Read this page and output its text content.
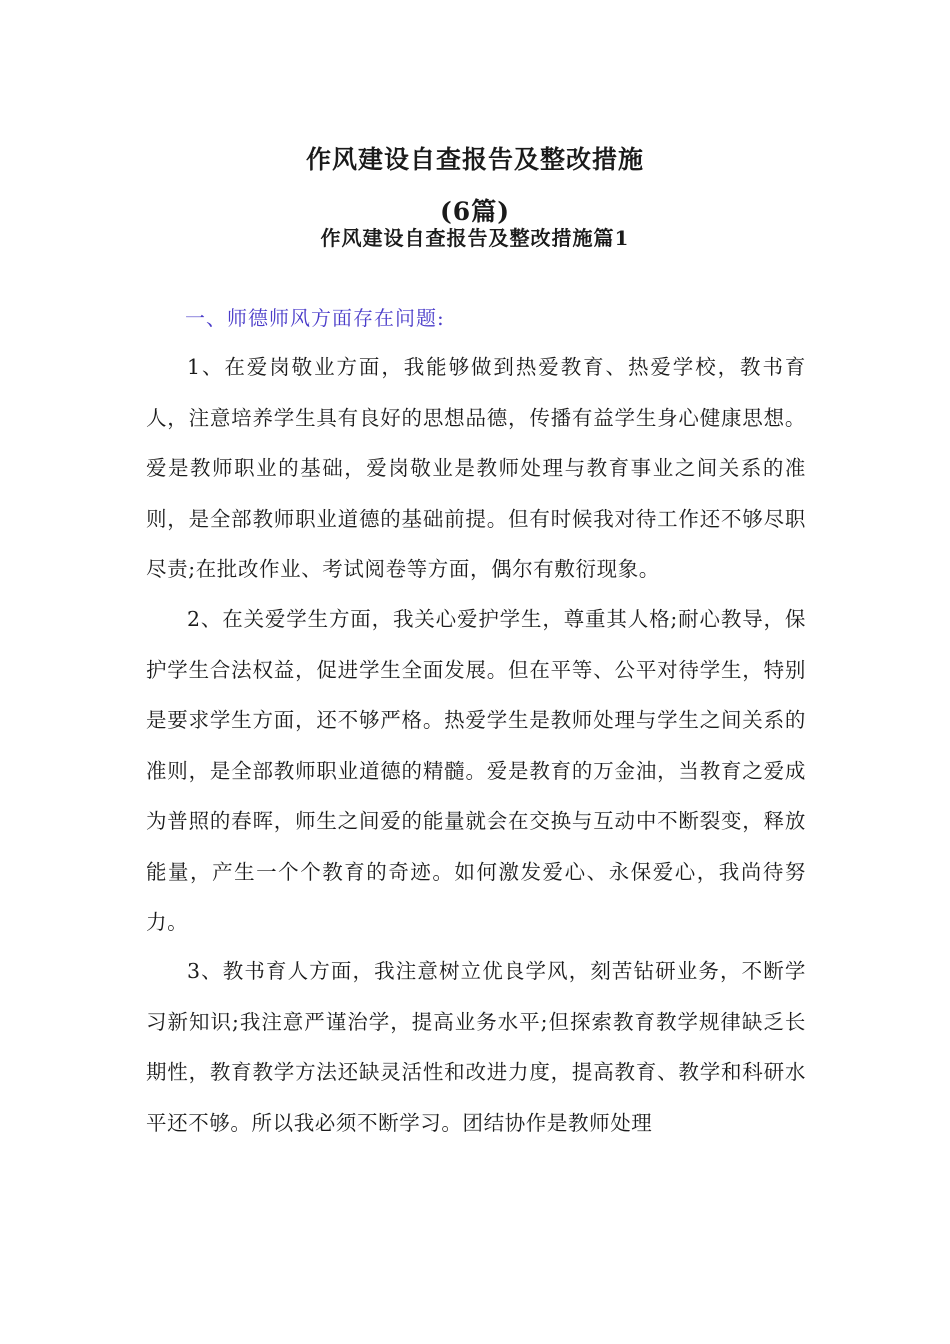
作风建设自查报告及整改措施
(6篇)
作风建设自查报告及整改措施篇1

一、师德师风方面存在问题:

1、在爱岗敬业方面，我能够做到热爱教育、热爱学校，教书育人，注意培养学生具有良好的思想品德，传播有益学生身心健康思想。爱是教师职业的基础，爱岗敬业是教师处理与教育事业之间关系的准则，是全部教师职业道德的基础前提。但有时候我对待工作还不够尽职尽责;在批改作业、考试阅卷等方面，偶尔有敷衍现象。

2、在关爱学生方面，我关心爱护学生，尊重其人格;耐心教导，保护学生合法权益，促进学生全面发展。但在平等、公平对待学生，特别是要求学生方面，还不够严格。热爱学生是教师处理与学生之间关系的准则，是全部教师职业道德的精髓。爱是教育的万金油，当教育之爱成为普照的春晖，师生之间爱的能量就会在交换与互动中不断裂变，释放能量，产生一个个教育的奇迹。如何激发爱心、永保爱心，我尚待努力。

3、教书育人方面，我注意树立优良学风，刻苦钻研业务，不断学习新知识;我注意严谨治学，提高业务水平;但探索教育教学规律缺乏长期性，教育教学方法还缺灵活性和改进力度，提高教育、教学和科研水平还不够。所以我必须不断学习。团结协作是教师处理
